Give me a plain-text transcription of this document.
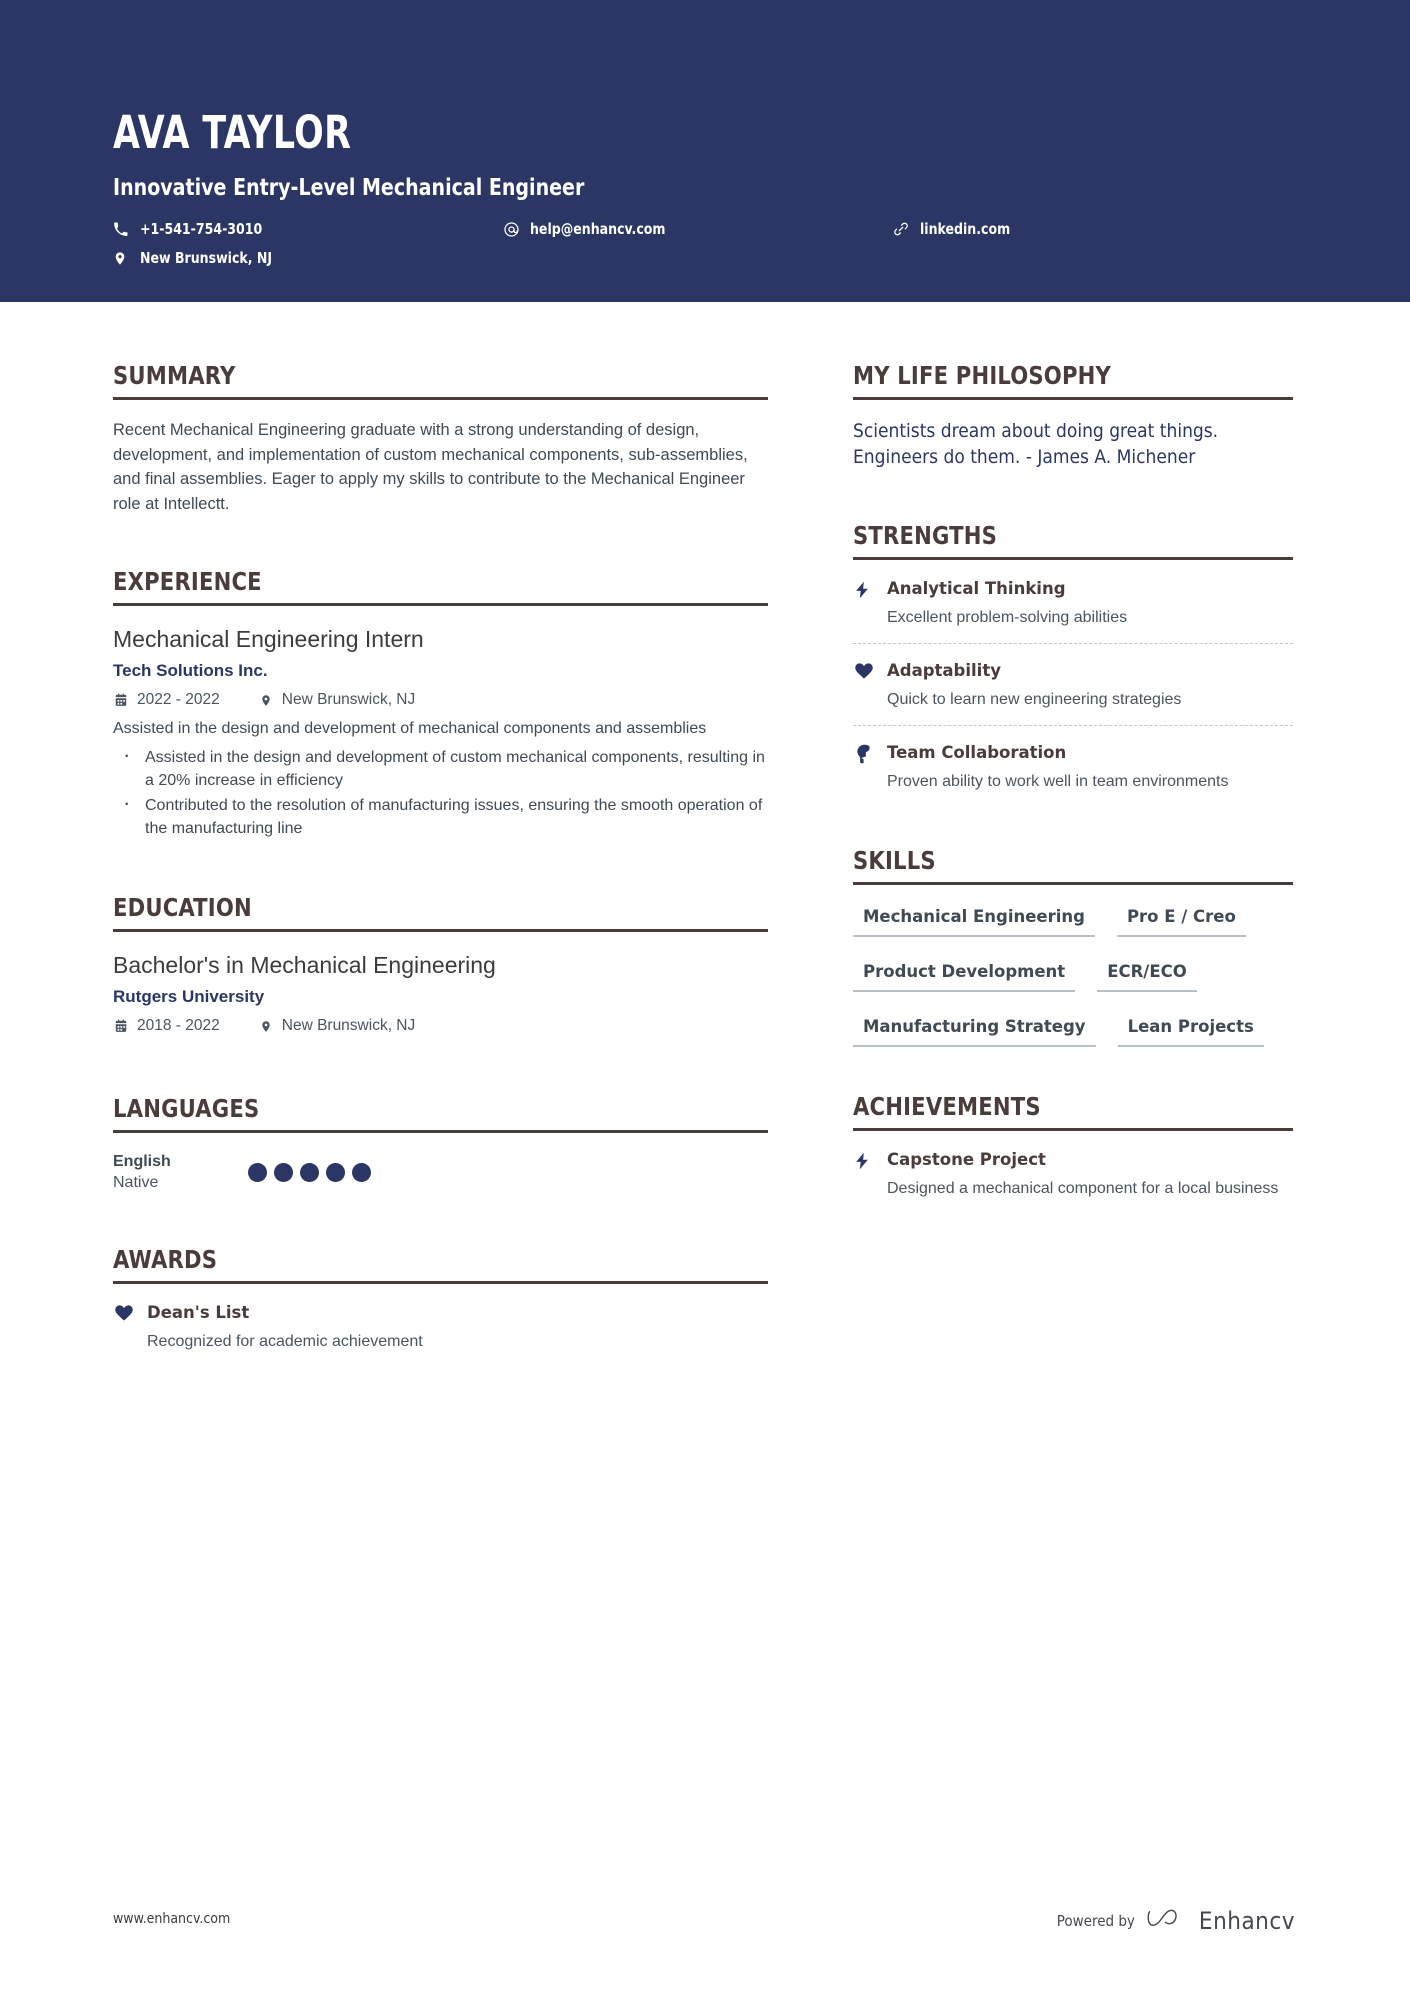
AVA TAYLOR
Innovative Entry-Level Mechanical Engineer
+1-541-754-3010	help@enhancv.com	linkedin.com
New Brunswick, NJ
SUMMARY

Recent Mechanical Engineering graduate with a strong understanding of design, development, and implementation of custom mechanical components, sub-assemblies, and final assemblies. Eager to apply my skills to contribute to the Mechanical Engineer role at Intellectt.

EXPERIENCE
Mechanical Engineering Intern
Tech Solutions Inc.
2022 - 2022	New Brunswick, NJ

Assisted in the design and development of mechanical components and assemblies

· Assisted in the design and development of custom mechanical components, resulting in a 20% increase in efficiency
· Contributed to the resolution of manufacturing issues, ensuring the smooth operation of the manufacturing line
EDUCATION
Bachelor's in Mechanical Engineering
Rutgers University
2018 - 2022	New Brunswick, NJ
LANGUAGES
English
Native
AWARDS

Dean's List

Recognized for academic achievement

MY LIFE PHILOSOPHY

Scientists dream about doing great things. Engineers do them. - James A. Michener

STRENGTHS

Analytical Thinking

Excellent problem-solving abilities

Adaptability

Quick to learn new engineering strategies

Team Collaboration

Proven ability to work well in team environments

SKILLS
Mechanical Engineering	Pro E / Creo
Product Development	ECR/ECO
Manufacturing Strategy	Lean Projects
ACHIEVEMENTS

Capstone Project

Designed a mechanical component for a local business

www.enhancv.com	Powered by	Enhancv
